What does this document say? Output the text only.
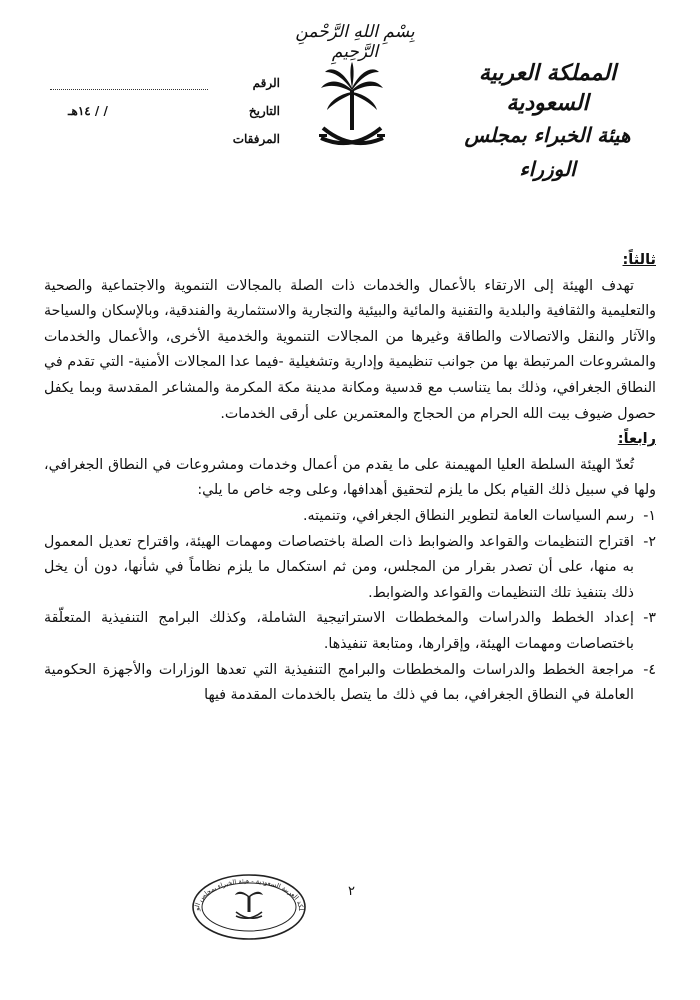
بِسْمِ اللهِ الرَّحْمنِ الرَّحِيمِ
المملكة العربية السعودية
هيئة الخبراء بمجلس الوزراء
الرقم
التاريخ
/ / ١٤هـ
المرفقات
ثالثاً:

تهدف الهيئة إلى الارتقاء بالأعمال والخدمات ذات الصلة بالمجالات التنموية والاجتماعية والصحية والتعليمية والثقافية والبلدية والتقنية والمائية والبيئية والتجارية والاستثمارية والفندقية، وبالإسكان والسياحة والآثار والنقل والاتصالات والطاقة وغيرها من المجالات التنموية والخدمية الأخرى، والأعمال والخدمات والمشروعات المرتبطة بها من جوانب تنظيمية وإدارية وتشغيلية -فيما عدا المجالات الأمنية- التي تقدم في النطاق الجغرافي، وذلك بما يتناسب مع قدسية ومكانة مدينة مكة المكرمة والمشاعر المقدسة وبما يكفل حصول ضيوف بيت الله الحرام من الحجاج والمعتمرين على أرقى الخدمات.

رابعاً:

تُعدّ الهيئة السلطة العليا المهيمنة على ما يقدم من أعمال وخدمات ومشروعات في النطاق الجغرافي، ولها في سبيل ذلك القيام بكل ما يلزم لتحقيق أهدافها، وعلى وجه خاص ما يلي:

١-
رسم السياسات العامة لتطوير النطاق الجغرافي، وتنميته.
٢-
اقتراح التنظيمات والقواعد والضوابط ذات الصلة باختصاصات ومهمات الهيئة، واقتراح تعديل المعمول به منها، على أن تصدر بقرار من المجلس، ومن ثم استكمال ما يلزم نظاماً في شأنها، دون أن يخل ذلك بتنفيذ تلك التنظيمات والقواعد والضوابط.
٣-
إعداد الخطط والدراسات والمخططات الاستراتيجية الشاملة، وكذلك البرامج التنفيذية المتعلّقة باختصاصات ومهمات الهيئة، وإقرارها، ومتابعة تنفيذها.
٤-
مراجعة الخطط والدراسات والمخططات والبرامج التنفيذية التي تعدها الوزارات والأجهزة الحكومية العاملة في النطاق الجغرافي، بما في ذلك ما يتصل بالخدمات المقدمة فيها
لكة العربية السعودية - هيئة الخبراء بمجلس الو
٢
